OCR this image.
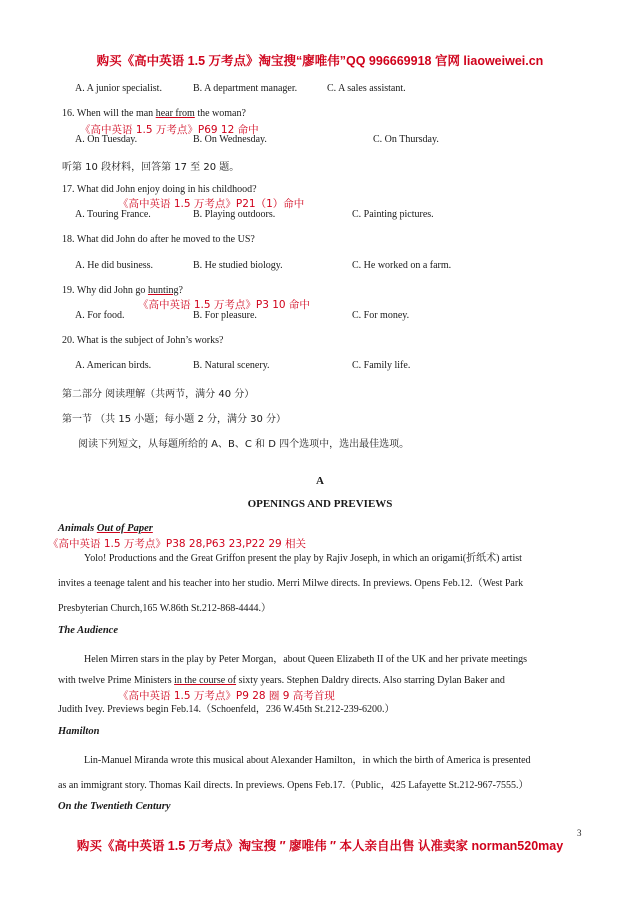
购买《高中英语 1.5 万考点》淘宝搜“廖唯伟”QQ 996669918 官网 liaoweiwei.cn
A. A junior specialist.	B. A department manager.	C. A sales assistant.
16. When will the man hear from the woman?
《高中英语 1.5 万考点》P69 12 命中
A. On Tuesday.	B. On Wednesday.	C. On Thursday.
听第 10 段材料，回答第 17 至 20 题。
17. What did John enjoy doing in his childhood?
《高中英语 1.5 万考点》P21（1）命中
A. Touring France.	B. Playing outdoors.	C. Painting pictures.
18. What did John do after he moved to the US?
A. He did business.	B. He studied biology.	C. He worked on a farm.
19. Why did John go hunting?
《高中英语 1.5 万考点》P3 10 命中
A. For food.	B. For pleasure.	C. For money.
20. What is the subject of John’s works?
A. American birds.	B. Natural scenery.	C. Family life.
第二部分 阅读理解（共两节，满分 40 分）
第一节 （共 15 小题；每小题 2 分，满分 30 分）
阅读下列短文，从每题所给的 A、B、C 和 D 四个选项中，选出最佳选项。
A
OPENINGS AND PREVIEWS
Animals Out of Paper
《高中英语 1.5 万考点》P38 28,P63 23,P22 29 相关
Yolo! Productions and the Great Griffon present the play by Rajiv Joseph, in which an origami(折纸术) artist
invites a teenage talent and his teacher into her studio. Merri Milwe directs. In previews. Opens Feb.12.（West Park
Presbyterian Church,165 W.86th St.212-868-4444.）
The Audience
Helen Mirren stars in the play by Peter Morgan，about Queen Elizabeth II of the UK and her private meetings
with twelve Prime Ministers in the course of sixty years. Stephen Daldry directs. Also starring Dylan Baker and
《高中英语 1.5 万考点》P9 28 圈 9 高考首现
Judith Ivey. Previews begin Feb.14.（Schoenfeld，236 W.45th St.212-239-6200.）
Hamilton
Lin-Manuel Miranda wrote this musical about Alexander Hamilton，in which the birth of America is presented
as an immigrant story. Thomas Kail directs. In previews. Opens Feb.17.（Public，425 Lafayette St.212-967-7555.）
On the Twentieth Century
3
购买《高中英语 1.5 万考点》淘宝搜 ″ 廖唯伟 ″ 本人亲自出售 认准卖家 norman520may
